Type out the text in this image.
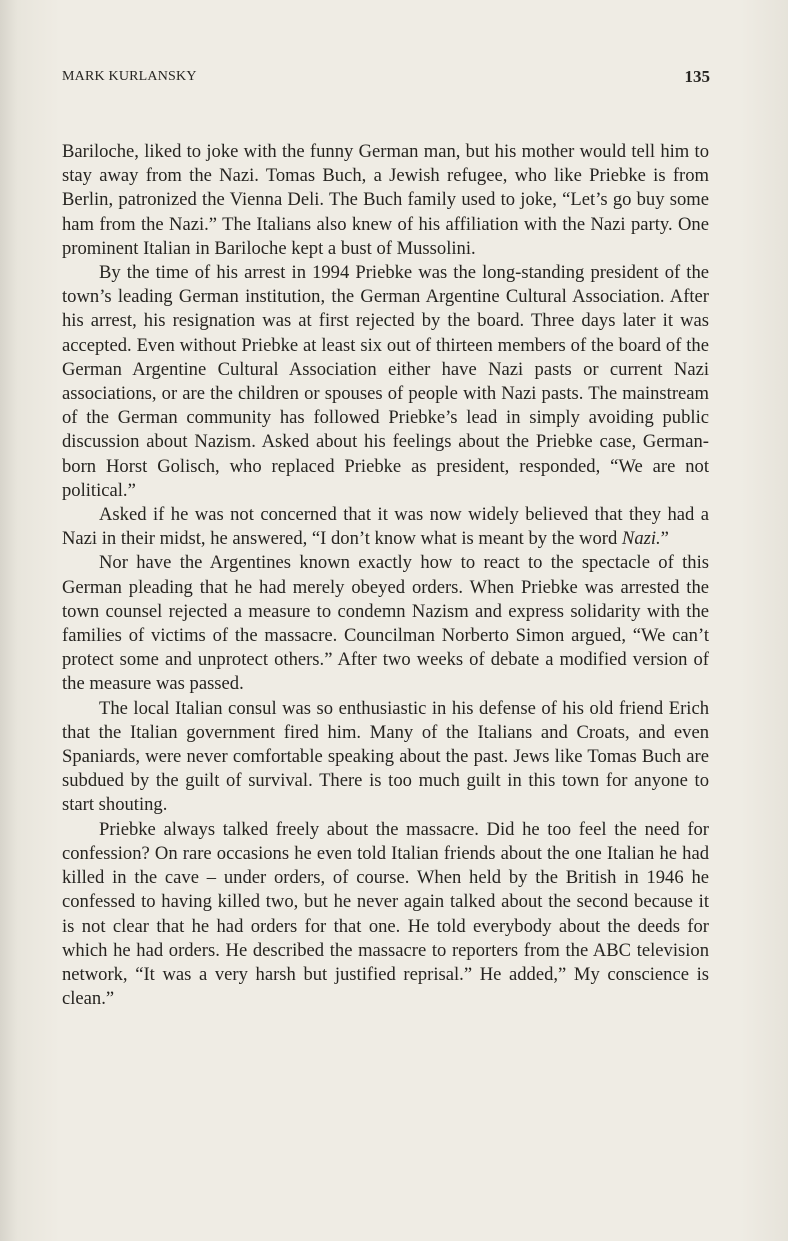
MARK KURLANSKY	135

Bariloche, liked to joke with the funny German man, but his mother would tell him to stay away from the Nazi. Tomas Buch, a Jewish refugee, who like Priebke is from Berlin, patronized the Vienna Deli. The Buch family used to joke, “Let’s go buy some ham from the Nazi.” The Italians also knew of his affiliation with the Nazi party. One prominent Italian in Bariloche kept a bust of Mussolini.

By the time of his arrest in 1994 Priebke was the long-standing president of the town’s leading German institution, the German Argentine Cultural Association. After his arrest, his resignation was at first rejected by the board. Three days later it was accepted. Even without Priebke at least six out of thirteen members of the board of the German Argentine Cultural Association either have Nazi pasts or current Nazi associations, or are the children or spouses of people with Nazi pasts. The mainstream of the German community has followed Priebke’s lead in simply avoiding public discussion about Nazism. Asked about his feelings about the Priebke case, German-born Horst Golisch, who replaced Priebke as president, responded, “We are not political.”

Asked if he was not concerned that it was now widely believed that they had a Nazi in their midst, he answered, “I don’t know what is meant by the word Nazi.”

Nor have the Argentines known exactly how to react to the spectacle of this German pleading that he had merely obeyed orders. When Priebke was arrested the town counsel rejected a measure to condemn Nazism and express solidarity with the families of victims of the massacre. Councilman Norberto Simon argued, “We can’t protect some and unprotect others.” After two weeks of debate a modified version of the measure was passed.

The local Italian consul was so enthusiastic in his defense of his old friend Erich that the Italian government fired him. Many of the Italians and Croats, and even Spaniards, were never comfortable speaking about the past. Jews like Tomas Buch are subdued by the guilt of survival. There is too much guilt in this town for anyone to start shouting.

Priebke always talked freely about the massacre. Did he too feel the need for confession? On rare occasions he even told Italian friends about the one Italian he had killed in the cave – under orders, of course. When held by the British in 1946 he confessed to having killed two, but he never again talked about the second because it is not clear that he had orders for that one. He told everybody about the deeds for which he had orders. He described the massacre to reporters from the ABC television network, “It was a very harsh but justified reprisal.” He added,” My conscience is clean.”
